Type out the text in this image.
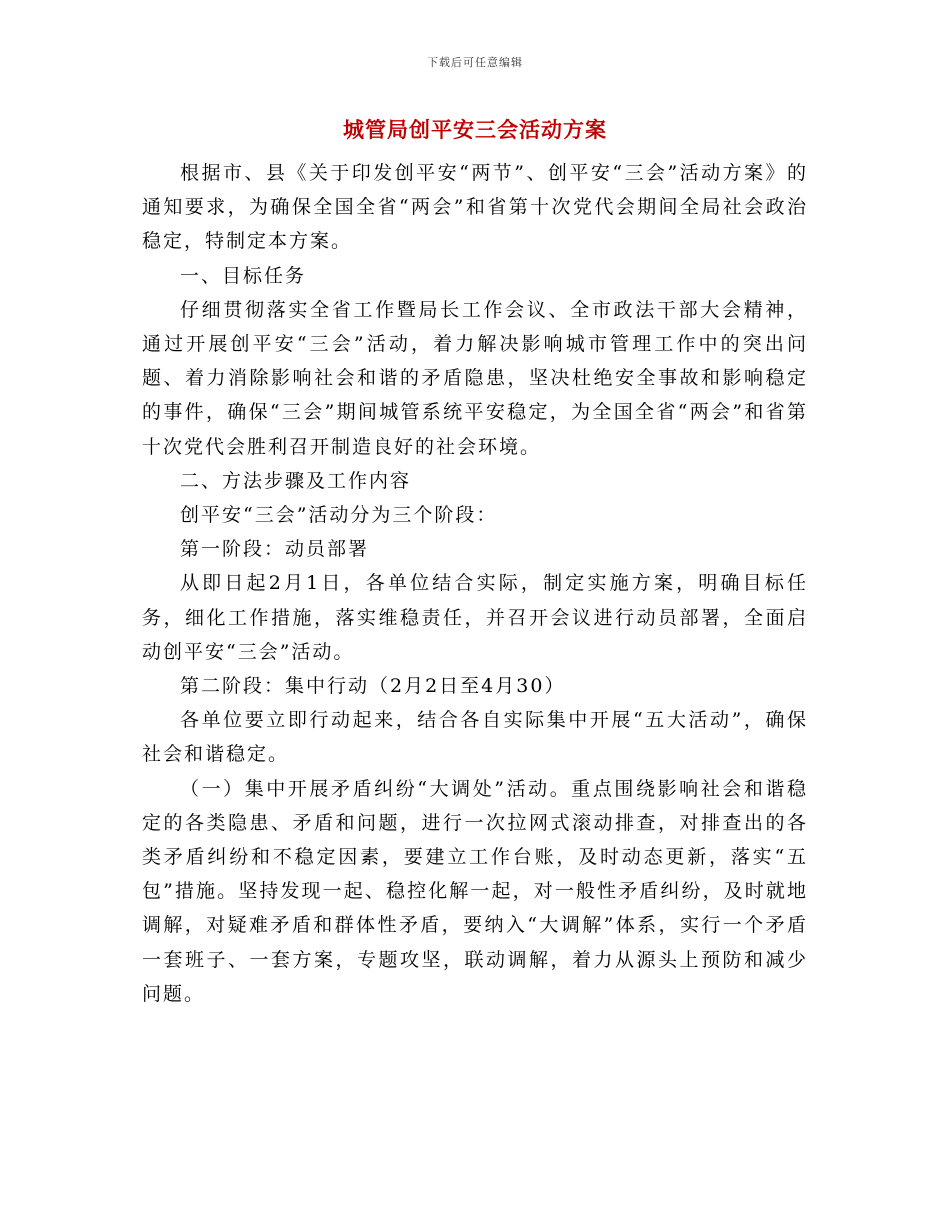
下载后可任意编辑
城管局创平安三会活动方案

根据市、县《关于印发创平安“两节”、创平安“三会”活动方案》的通知要求，为确保全国全省“两会”和省第十次党代会期间全局社会政治稳定，特制定本方案。

一、目标任务

仔细贯彻落实全省工作暨局长工作会议、全市政法干部大会精神，通过开展创平安“三会”活动，着力解决影响城市管理工作中的突出问题、着力消除影响社会和谐的矛盾隐患，坚决杜绝安全事故和影响稳定的事件，确保“三会”期间城管系统平安稳定，为全国全省“两会”和省第十次党代会胜利召开制造良好的社会环境。

二、方法步骤及工作内容

创平安“三会”活动分为三个阶段：

第一阶段：动员部署

从即日起2月1日，各单位结合实际，制定实施方案，明确目标任务，细化工作措施，落实维稳责任，并召开会议进行动员部署，全面启动创平安“三会”活动。

第二阶段：集中行动（2月2日至4月30）

各单位要立即行动起来，结合各自实际集中开展“五大活动”，确保社会和谐稳定。

（一）集中开展矛盾纠纷“大调处”活动。重点围绕影响社会和谐稳定的各类隐患、矛盾和问题，进行一次拉网式滚动排查，对排查出的各类矛盾纠纷和不稳定因素，要建立工作台账，及时动态更新，落实“五包”措施。坚持发现一起、稳控化解一起，对一般性矛盾纠纷，及时就地调解，对疑难矛盾和群体性矛盾，要纳入“大调解”体系，实行一个矛盾一套班子、一套方案，专题攻坚，联动调解，着力从源头上预防和减少问题。
